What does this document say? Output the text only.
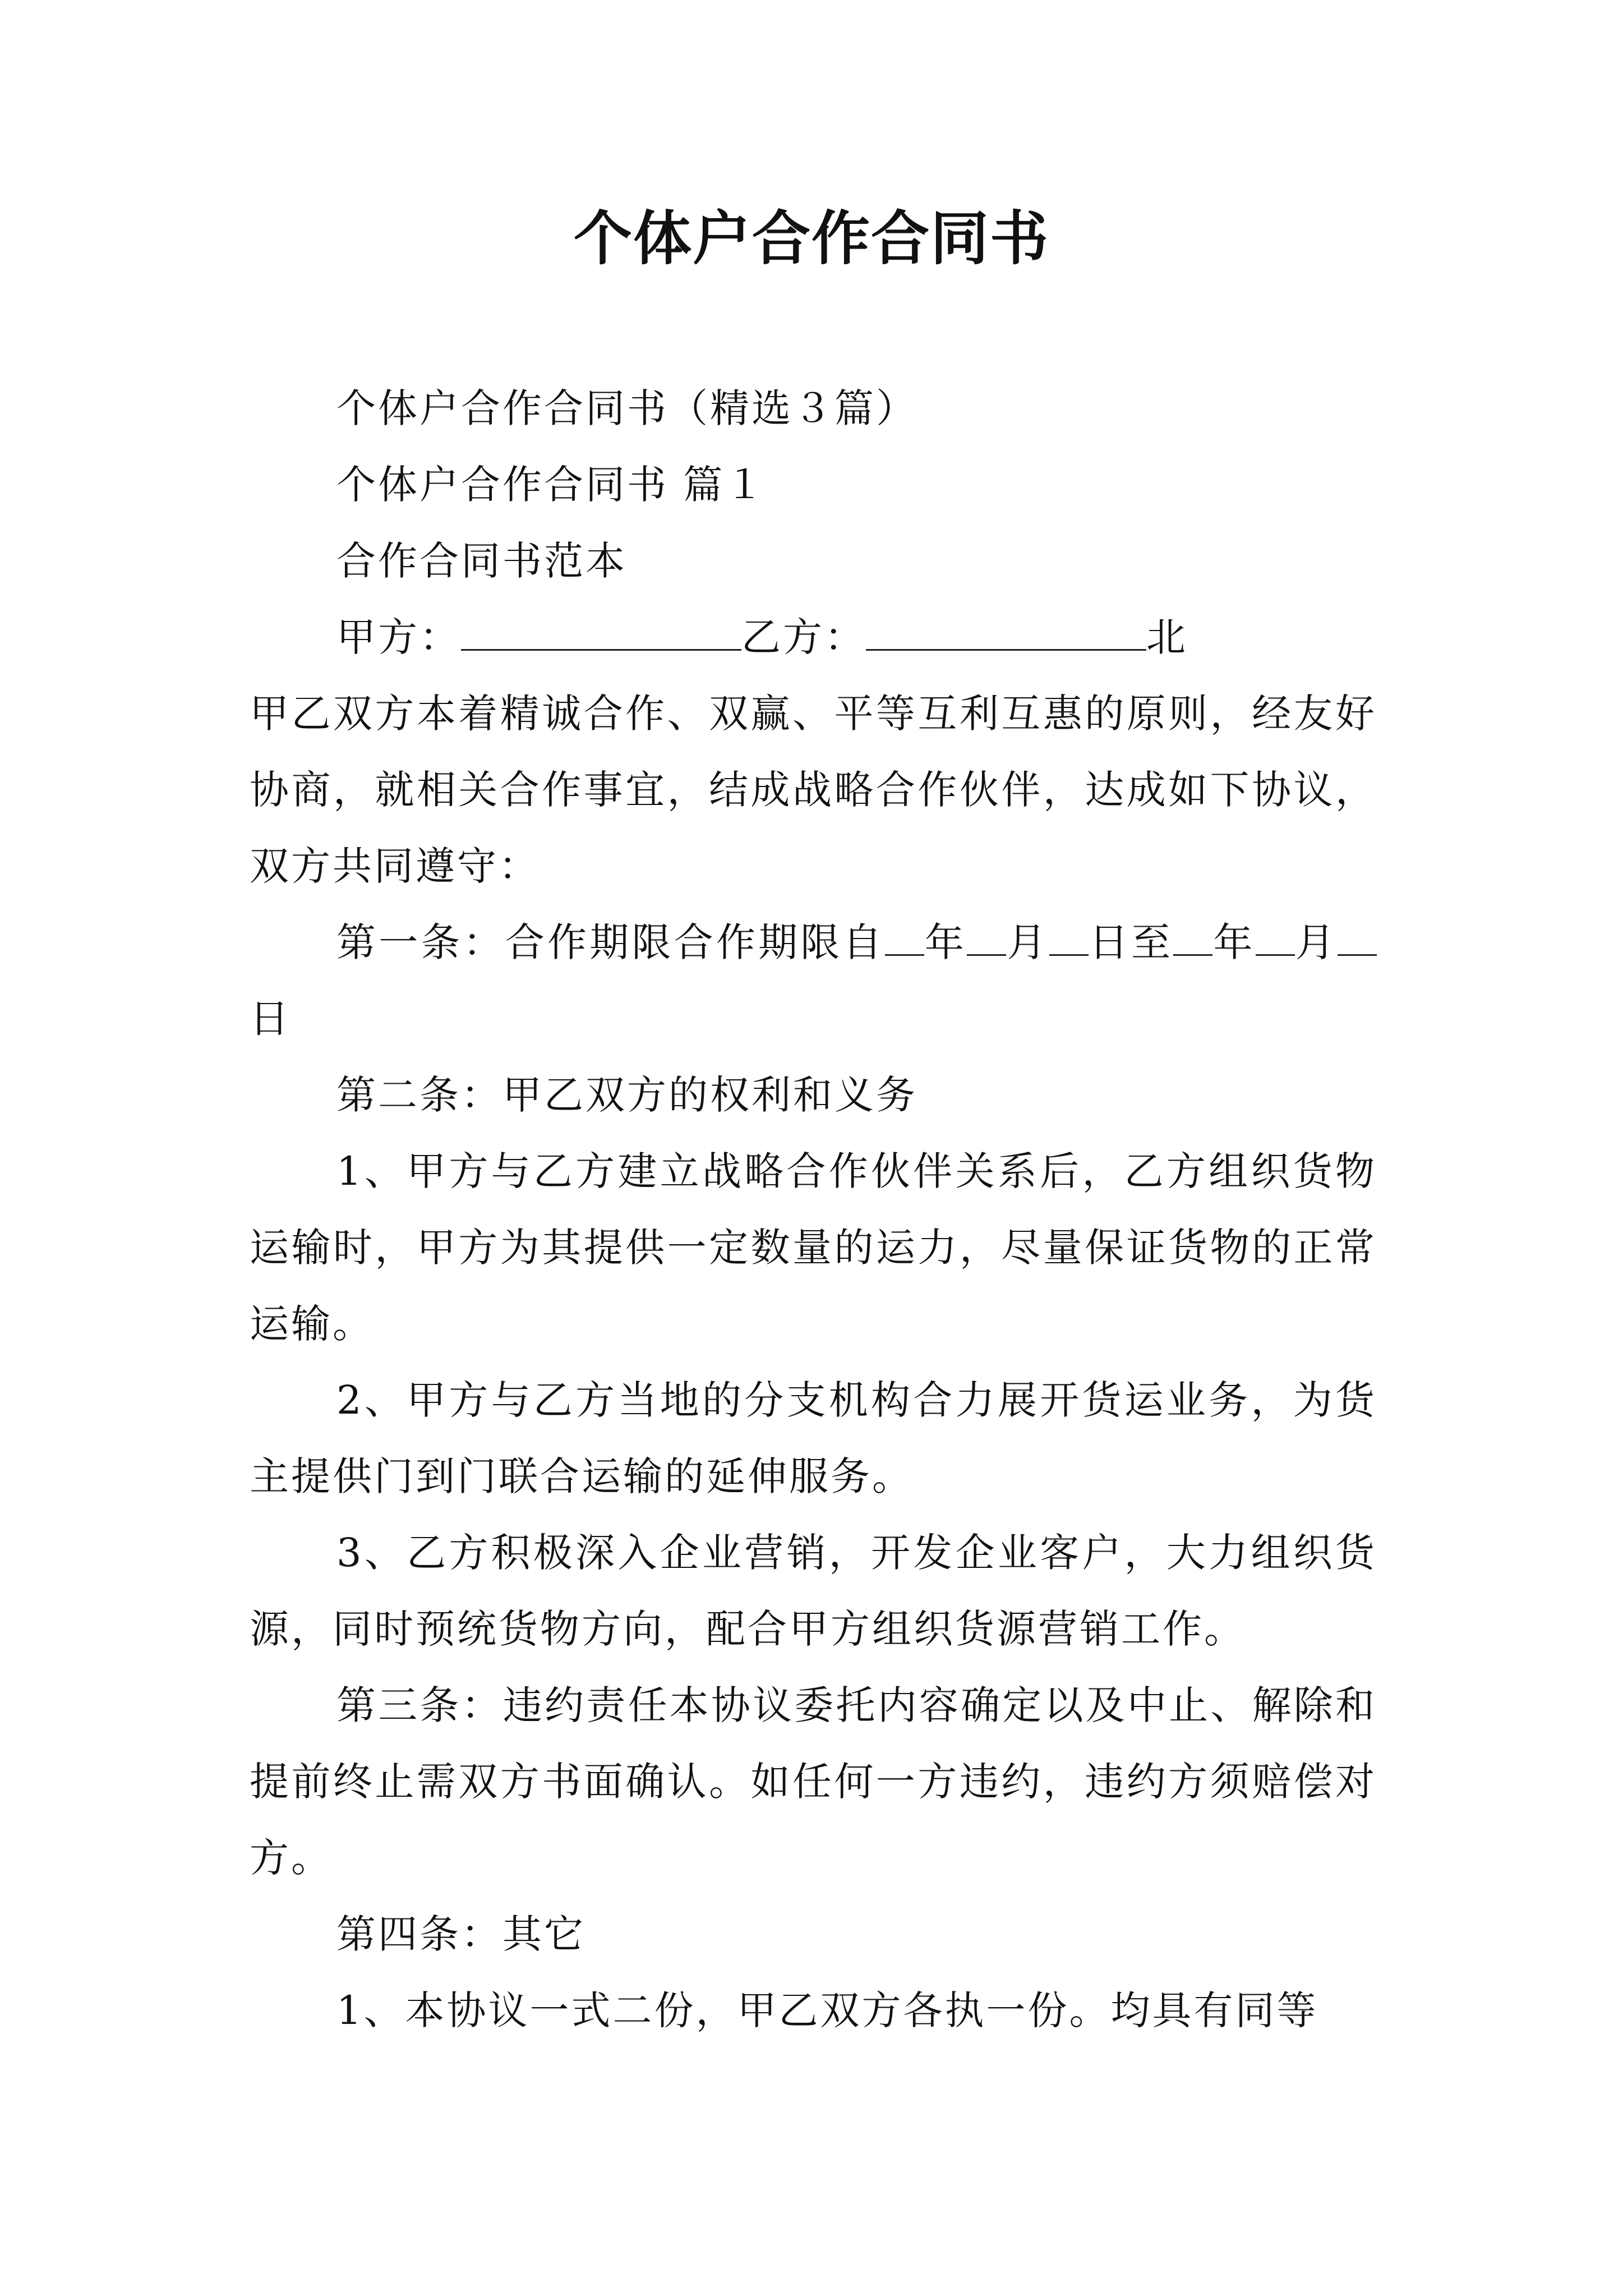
个体户合作合同书

个体户合作合同书（精选３篇）

个体户合作合同书 篇１

合作合同书范本

甲方：	乙方：	北

甲乙双方本着精诚合作、双赢、平等互利互惠的原则，经友好协商，就相关合作事宜，结成战略合作伙伴，达成如下协议，双方共同遵守：

第一条：合作期限合作期限自 年 月 日至 年 月日

第二条：甲乙双方的权利和义务

1、甲方与乙方建立战略合作伙伴关系后，乙方组织货物运输时，甲方为其提供一定数量的运力，尽量保证货物的正常运输。

2、甲方与乙方当地的分支机构合力展开货运业务，为货主提供门到门联合运输的延伸服务。

3、乙方积极深入企业营销，开发企业客户，大力组织货源，同时预统货物方向，配合甲方组织货源营销工作。

第三条：违约责任本协议委托内容确定以及中止、解除和提前终止需双方书面确认。如任何一方违约，违约方须赔偿对方。

第四条：其它

1、本协议一式二份，甲乙双方各执一份。均具有同等
